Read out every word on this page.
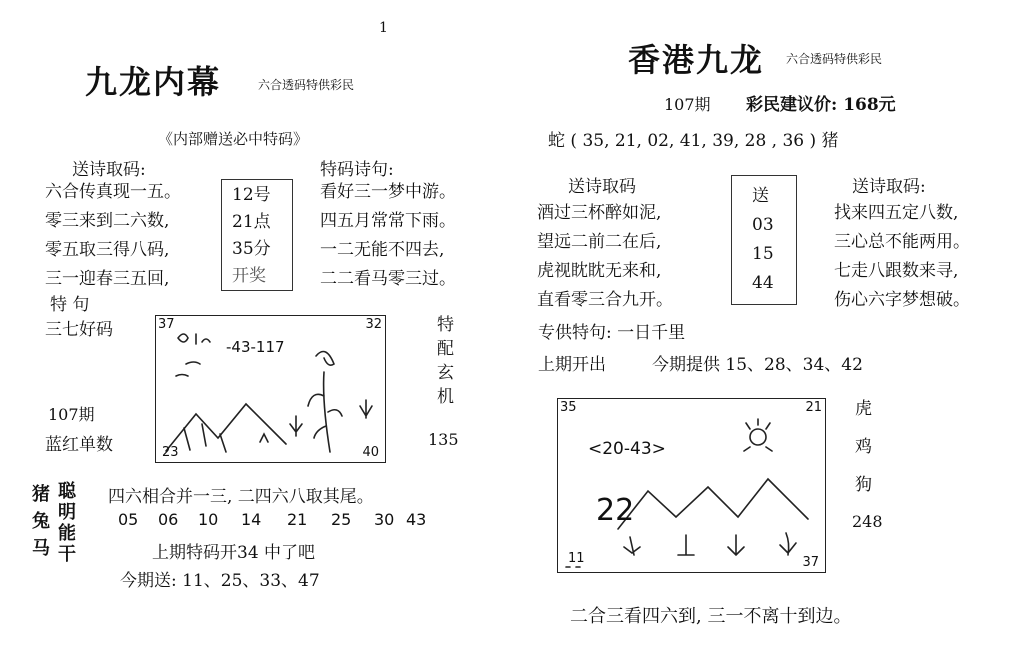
1
九龙内幕	六合透码特供彩民
《内部赠送必中特码》
送诗取码:	特码诗句:
六合传真现一五。
零三来到二六数,
零五取三得八码,
三一迎春三五回,
12号
21点
35分
开奖
看好三一梦中游。
四五月常常下雨。
一二无能不四去,
二二看马零三过。
特 句
三七好码
107期
蓝红单数
37	32
23	40
-43-117
特
配
玄
机
135
猪
兔
马
聪
明
能
干
四六相合并一三, 二四六八取其尾。
05	06	10	14	21	25	30 43
上期特码开34 中了吧
今期送: 11、25、33、47
香港九龙 六合透码特供彩民
107期 彩民建议价: 168元
蛇 ( 35, 21, 02, 41, 39, 28 , 36 ) 猪
送诗取码	送诗取码:
酒过三杯醉如泥,
望远二前二在后,
虎视眈眈无来和,
直看零三合九开。
送
03
15
44
找来四五定八数,
三心总不能两用。
七走八跟数来寻,
伤心六字梦想破。
专供特句: 一日千里
上期开出	今期提供 15、28、34、42
35	21
11	37
<20-43>
22
虎
鸡
狗
248
二合三看四六到, 三一不离十到边。
